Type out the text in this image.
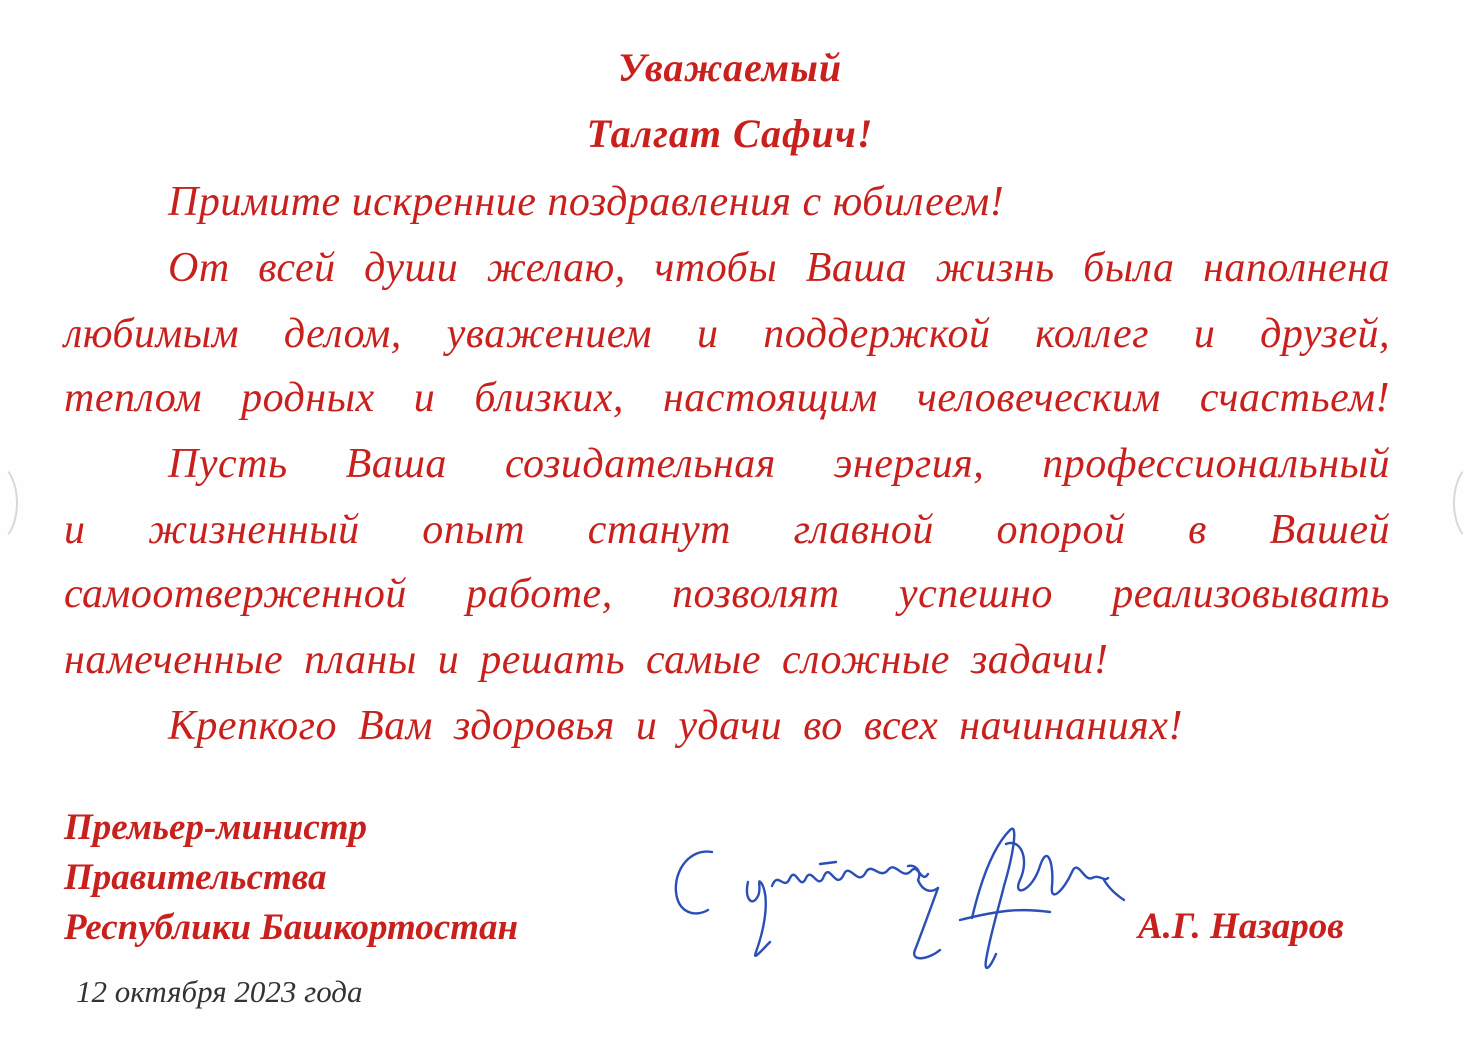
Уважаемый
Талгат Сафич!
Примите искренние поздравления с юбилеем!
От всей души желаю, чтобы Ваша жизнь была наполнена
любимым делом, уважением и поддержкой коллег и друзей,
теплом родных и близких, настоящим человеческим счастьем!
Пусть Ваша созидательная энергия, профессиональный
и жизненный опыт станут главной опорой в Вашей
самоотверженной работе, позволят успешно реализовывать
намеченные планы и решать самые сложные задачи!
Крепкого Вам здоровья и удачи во всех начинаниях!
Премьер-министр
Правительства
Республики Башкортостан	А.Г. Назаров
12 октября 2023 года
